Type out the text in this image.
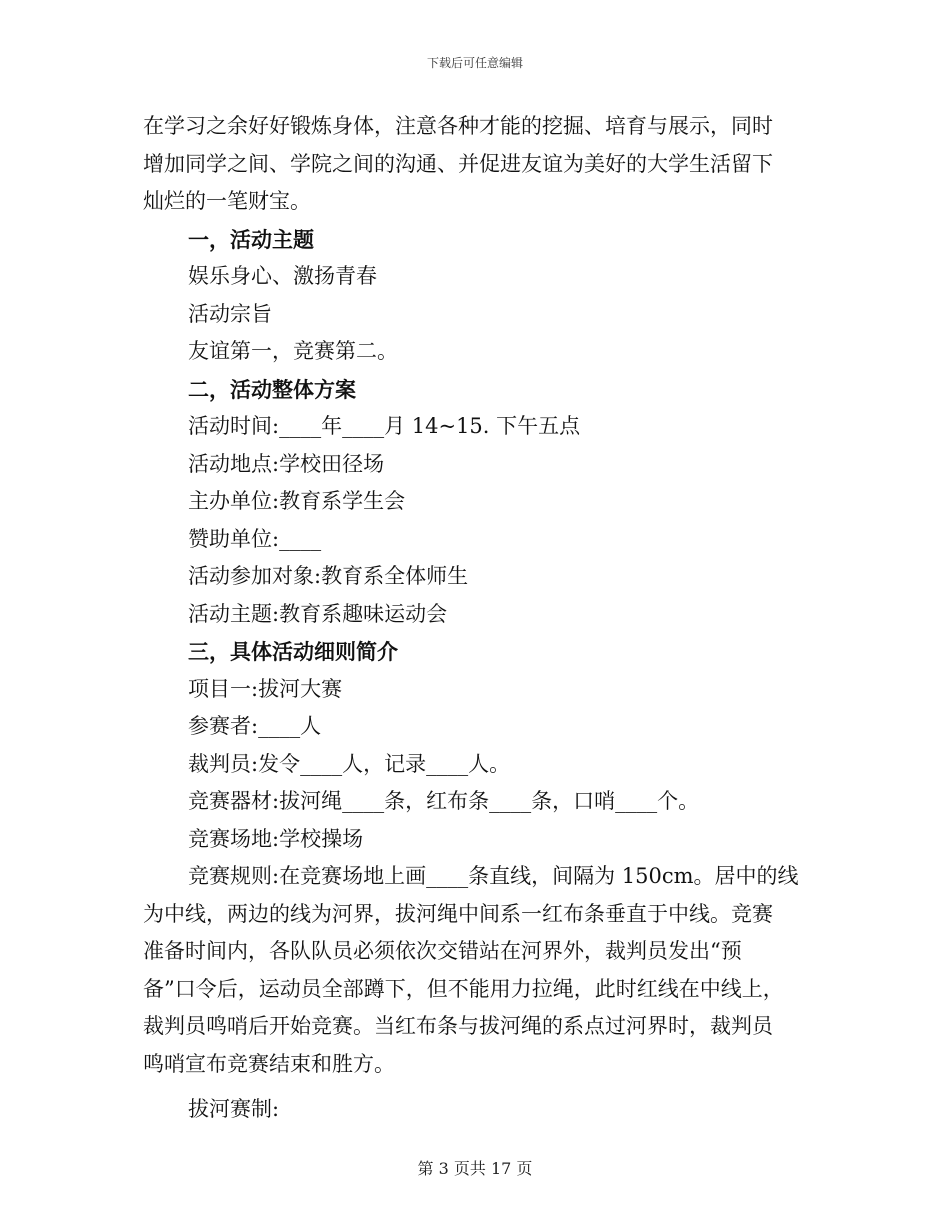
下载后可任意编辑
在学习之余好好锻炼身体，注意各种才能的挖掘、培育与展示，同时
增加同学之间、学院之间的沟通、并促进友谊为美好的大学生活留下
灿烂的一笔财宝。
一，活动主题
娱乐身心、激扬青春
活动宗旨
友谊第一，竞赛第二。
二，活动整体方案
活动时间:____年____月 14~15. 下午五点
活动地点:学校田径场
主办单位:教育系学生会
赞助单位:____
活动参加对象:教育系全体师生
活动主题:教育系趣味运动会
三，具体活动细则简介
项目一:拔河大赛
参赛者:____人
裁判员:发令____人，记录____人。
竞赛器材:拔河绳____条，红布条____条，口哨____个。
竞赛场地:学校操场
竞赛规则:在竞赛场地上画____条直线，间隔为 150cm。居中的线
为中线，两边的线为河界，拔河绳中间系一红布条垂直于中线。竞赛
准备时间内，各队队员必须依次交错站在河界外，裁判员发出“预
备”口令后，运动员全部蹲下，但不能用力拉绳，此时红线在中线上，
裁判员鸣哨后开始竞赛。当红布条与拔河绳的系点过河界时，裁判员
鸣哨宣布竞赛结束和胜方。
拔河赛制:
第 3 页共 17 页
